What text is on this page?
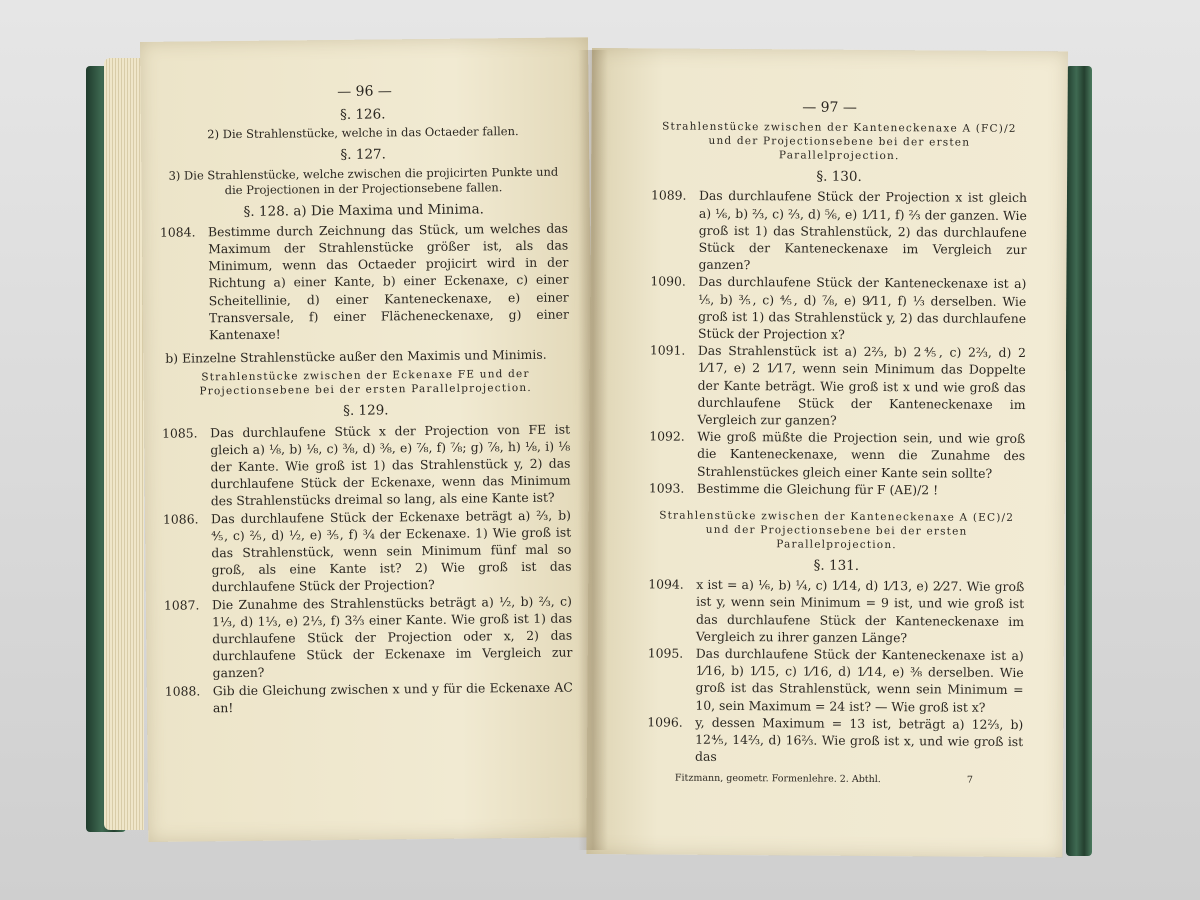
— 96 —
§. 126.
2) Die Strahlenstücke, welche in das Octaeder fallen.
§. 127.
3) Die Strahlenstücke, welche zwischen die projicirten Punkte und die Projectionen in der Projectionsebene fallen.
§. 128. a) Die Maxima und Minima.
1084. Bestimme durch Zeichnung das Stück, um welches das Maximum der Strahlenstücke größer ist, als das Minimum, wenn das Octaeder projicirt wird in der Richtung a) einer Kante, b) einer Eckenaxe, c) einer Scheitellinie, d) einer Kanteneckenaxe, e) einer Transversale, f) einer Flächeneckenaxe, g) einer Kantenaxe!
b) Einzelne Strahlenstücke außer den Maximis und Minimis.
Strahlenstücke zwischen der Eckenaxe FE und der Projectionsebene bei der ersten Parallelprojection.
§. 129.
1085. Das durchlaufene Stück x der Projection von FE ist gleich a) ⅛, b) ⅛, c) ⅜, d) ⅜, e) ⅞, f) ⅞; g) ⅞, h) ⅛, i) ⅛ der Kante. Wie groß ist 1) das Strahlenstück y, 2) das durchlaufene Stück der Eckenaxe, wenn das Minimum des Strahlenstücks dreimal so lang, als eine Kante ist?
1086. Das durchlaufene Stück der Eckenaxe beträgt a) ⅔, b) ⅘, c) ⅖, d) ½, e) ⅗, f) ¾ der Eckenaxe. 1) Wie groß ist das Strahlenstück, wenn sein Minimum fünf mal so groß, als eine Kante ist? 2) Wie groß ist das durchlaufene Stück der Projection?
1087. Die Zunahme des Strahlenstücks beträgt a) ½, b) ⅔, c) 1⅓, d) 1⅓, e) 2⅓, f) 3⅔ einer Kante. Wie groß ist 1) das durchlaufene Stück der Projection oder x, 2) das durchlaufene Stück der Eckenaxe im Vergleich zur ganzen?
1088. Gib die Gleichung zwischen x und y für die Eckenaxe AC an!
— 97 —
Strahlenstücke zwischen der Kanteneckenaxe A (FC)/2 und der Projectionsebene bei der ersten Parallelprojection.
§. 130.
1089.	Das durchlaufene Stück der Projection x ist gleich a) ⅙, b) ⅔, c) ⅔, d) ⅚, e) 1⁄11, f) ⅔ der ganzen. Wie groß ist 1) das Strahlenstück, 2) das durchlaufene Stück der Kanteneckenaxe im Vergleich zur ganzen?
1090.	Das durchlaufene Stück der Kanteneckenaxe ist a) ⅕, b) ⅗, c) ⅘, d) ⅞, e) 9⁄11, f) ⅓ derselben. Wie groß ist 1) das Strahlenstück y, 2) das durchlaufene Stück der Projection x?
1091.	Das Strahlenstück ist a) 2⅔, b) 2⅘, c) 2⅔, d) 2 1⁄17, e) 2 1⁄17, wenn sein Minimum das Doppelte der Kante beträgt. Wie groß ist x und wie groß das durchlaufene Stück der Kanteneckenaxe im Vergleich zur ganzen?
1092.	Wie groß müßte die Projection sein, und wie groß die Kanteneckenaxe, wenn die Zunahme des Strahlenstückes gleich einer Kante sein sollte?
1093.	Bestimme die Gleichung für F (AE)/2 !
Strahlenstücke zwischen der Kanteneckenaxe A (EC)/2 und der Projectionsebene bei der ersten Parallelprojection.
§. 131.
1094.	x ist = a) ⅙, b) ¼, c) 1⁄14, d) 1⁄13, e) 2⁄27. Wie groß ist y, wenn sein Minimum = 9 ist, und wie groß ist das durchlaufene Stück der Kanteneckenaxe im Vergleich zu ihrer ganzen Länge?
1095.	Das durchlaufene Stück der Kanteneckenaxe ist a) 1⁄16, b) 1⁄15, c) 1⁄16, d) 1⁄14, e) ⅜ derselben. Wie groß ist das Strahlenstück, wenn sein Minimum = 10, sein Maximum = 24 ist? — Wie groß ist x?
1096.	y, dessen Maximum = 13 ist, beträgt a) 12⅔, b) 12⅘, 14⅔, d) 16⅔. Wie groß ist x, und wie groß ist das
Fitzmann, geometr. Formenlehre. 2. Abthl.	7
